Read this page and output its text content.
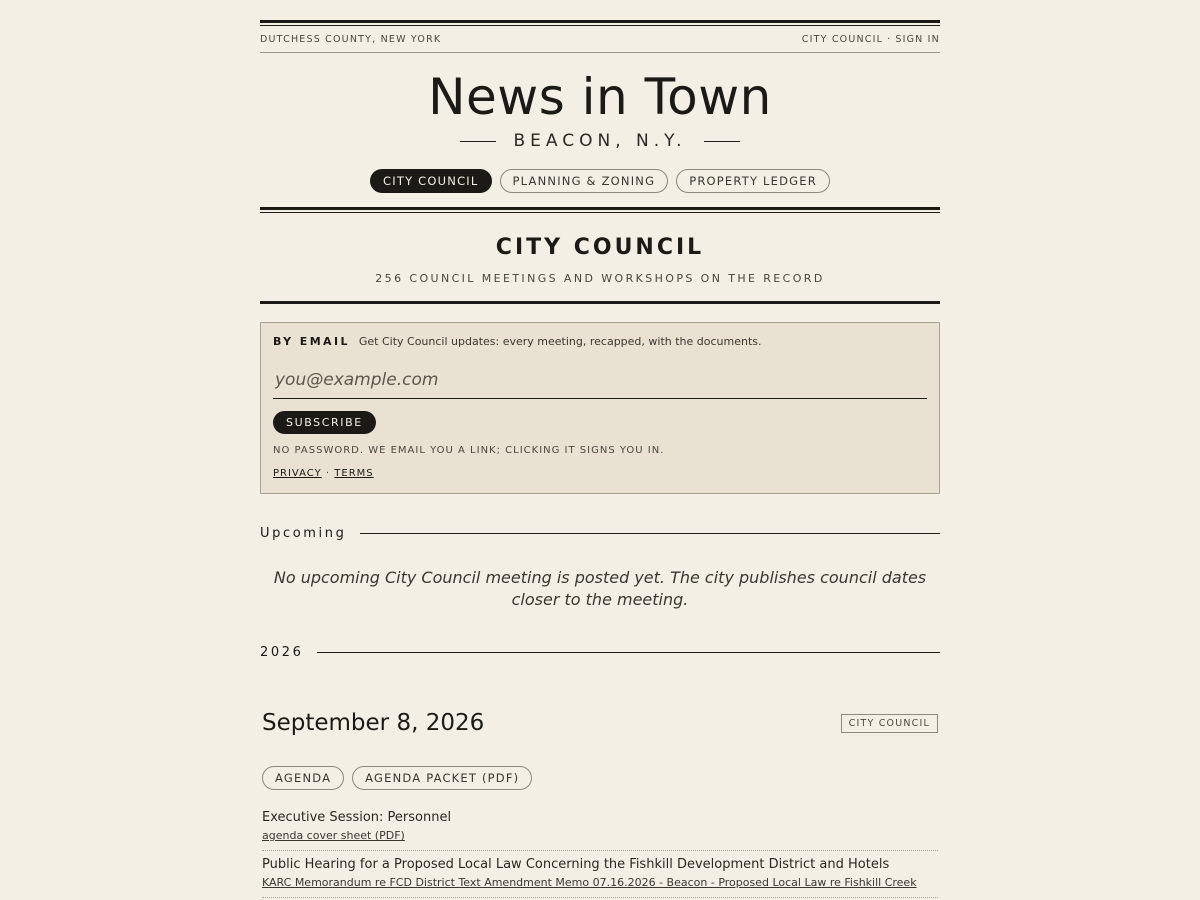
DUTCHESS COUNTY, NEW YORK	CITY COUNCIL · SIGN IN
News in Town
BEACON, N.Y.
CITY COUNCIL	PLANNING & ZONING	PROPERTY LEDGER
CITY COUNCIL
256 COUNCIL MEETINGS AND WORKSHOPS ON THE RECORD
BY EMAIL Get City Council updates: every meeting, recapped, with the documents.
you@example.com SUBSCRIBE
NO PASSWORD. WE EMAIL YOU A LINK; CLICKING IT SIGNS YOU IN.
PRIVACY · TERMS
Upcoming

No upcoming City Council meeting is posted yet. The city publishes council dates closer to the meeting.

2026
September 8, 2026	CITY COUNCIL
AGENDA	AGENDA PACKET (PDF)
Executive Session: Personnel
agenda cover sheet (PDF)
Public Hearing for a Proposed Local Law Concerning the Fishkill Development District and Hotels
KARC Memorandum re FCD District Text Amendment Memo 07.16.2026 - Beacon - Proposed Local Law re Fishkill Creek
